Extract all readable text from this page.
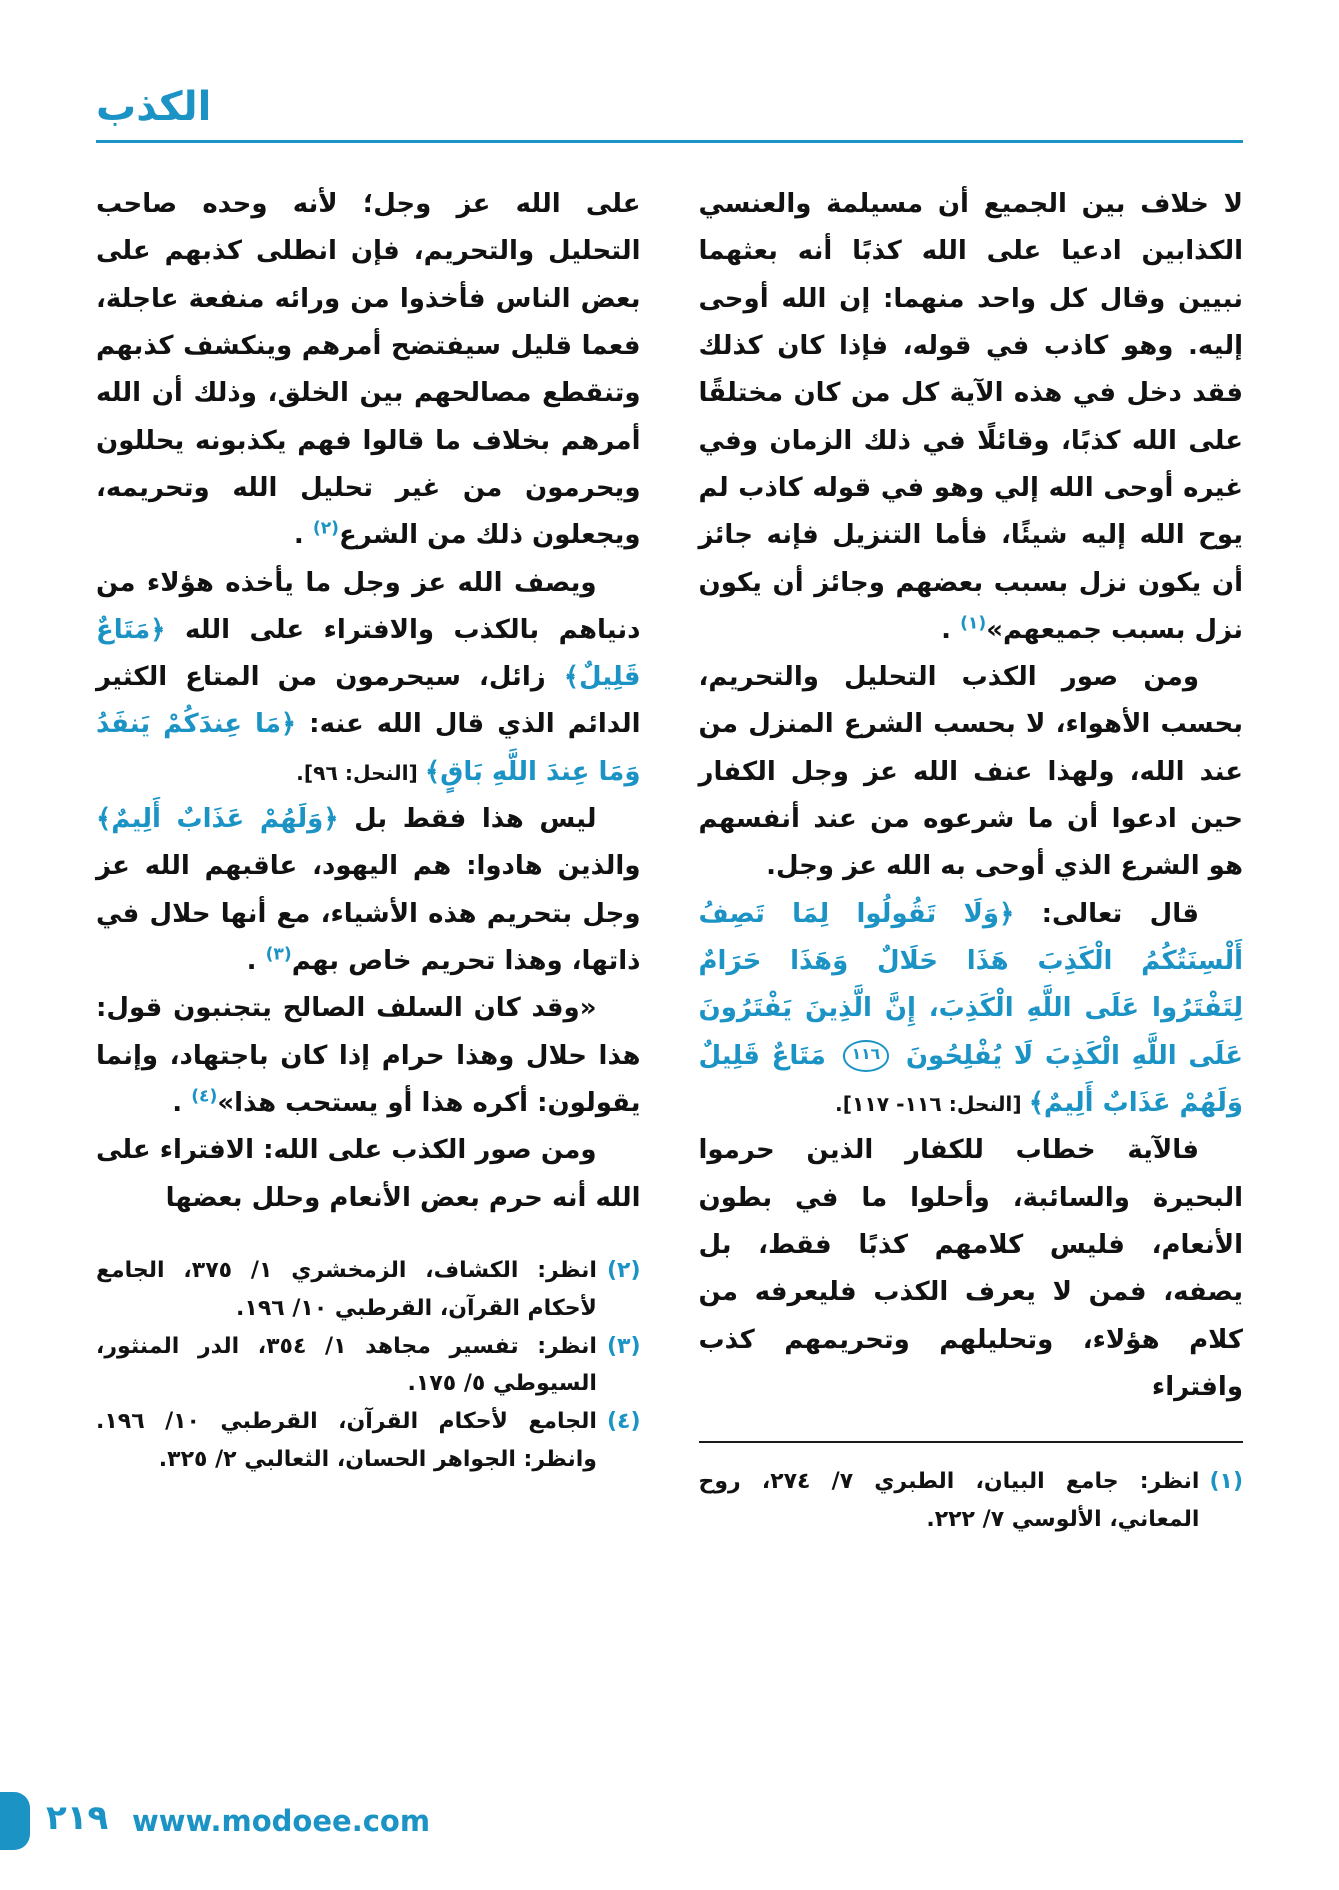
الكذب

لا خلاف بين الجميع أن مسيلمة والعنسي الكذابين ادعيا على الله كذبًا أنه بعثهما نبيين وقال كل واحد منهما: إن الله أوحى إليه. وهو كاذب في قوله، فإذا كان كذلك فقد دخل في هذه الآية كل من كان مختلقًا على الله كذبًا، وقائلًا في ذلك الزمان وفي غيره أوحى الله إلي وهو في قوله كاذب لم يوح الله إليه شيئًا، فأما التنزيل فإنه جائز أن يكون نزل بسبب بعضهم وجائز أن يكون نزل بسبب جميعهم»$^{(١)}$ .

ومن صور الكذب التحليل والتحريم، بحسب الأهواء، لا بحسب الشرع المنزل من عند الله، ولهذا عنف الله عز وجل الكفار حين ادعوا أن ما شرعوه من عند أنفسهم هو الشرع الذي أوحى به الله عز وجل.

قال تعالى: ﴿وَلَا تَقُولُوا لِمَا تَصِفُ أَلْسِنَتُكُمُ الْكَذِبَ هَذَا حَلَالٌ وَهَذَا حَرَامٌ لِتَفْتَرُوا عَلَى اللَّهِ الْكَذِبَ، إِنَّ الَّذِينَ يَفْتَرُونَ عَلَى اللَّهِ الْكَذِبَ لَا يُفْلِحُونَ ١١٦ مَتَاعٌ قَلِيلٌ وَلَهُمْ عَذَابٌ أَلِيمٌ﴾ [النحل: ١١٦- ١١٧].

فالآية خطاب للكفار الذين حرموا البحيرة والسائبة، وأحلوا ما في بطون الأنعام، فليس كلامهم كذبًا فقط، بل يصفه، فمن لا يعرف الكذب فليعرفه من كلام هؤلاء، وتحليلهم وتحريمهم كذب وافتراء

(١)
انظر: جامع البيان، الطبري ٧/ ٢٧٤، روح المعاني، الألوسي ٧/ ٢٢٢.

على الله عز وجل؛ لأنه وحده صاحب التحليل والتحريم، فإن انطلى كذبهم على بعض الناس فأخذوا من ورائه منفعة عاجلة، فعما قليل سيفتضح أمرهم وينكشف كذبهم وتنقطع مصالحهم بين الخلق، وذلك أن الله أمرهم بخلاف ما قالوا فهم يكذبونه يحللون ويحرمون من غير تحليل الله وتحريمه، ويجعلون ذلك من الشرع$^{(٢)}$ .

ويصف الله عز وجل ما يأخذه هؤلاء من دنياهم بالكذب والافتراء على الله ﴿مَتَاعٌ قَلِيلٌ﴾ زائل، سيحرمون من المتاع الكثير الدائم الذي قال الله عنه: ﴿مَا عِندَكُمْ يَنفَدُ وَمَا عِندَ اللَّهِ بَاقٍ﴾ [النحل: ٩٦].

ليس هذا فقط بل ﴿وَلَهُمْ عَذَابٌ أَلِيمٌ﴾ والذين هادوا: هم اليهود، عاقبهم الله عز وجل بتحريم هذه الأشياء، مع أنها حلال في ذاتها، وهذا تحريم خاص بهم$^{(٣)}$ .

«وقد كان السلف الصالح يتجنبون قول: هذا حلال وهذا حرام إذا كان باجتهاد، وإنما يقولون: أكره هذا أو يستحب هذا»$^{(٤)}$ .

ومن صور الكذب على الله: الافتراء على الله أنه حرم بعض الأنعام وحلل بعضها

(٢)
انظر: الكشاف، الزمخشري ١/ ٣٧٥، الجامع لأحكام القرآن، القرطبي ١٠/ ١٩٦.
(٣)
انظر: تفسير مجاهد ١/ ٣٥٤، الدر المنثور، السيوطي ٥/ ١٧٥.
(٤)
الجامع لأحكام القرآن، القرطبي ١٠/ ١٩٦. وانظر: الجواهر الحسان، الثعالبي ٢/ ٣٢٥.
٢١٩ www.modoee.com
